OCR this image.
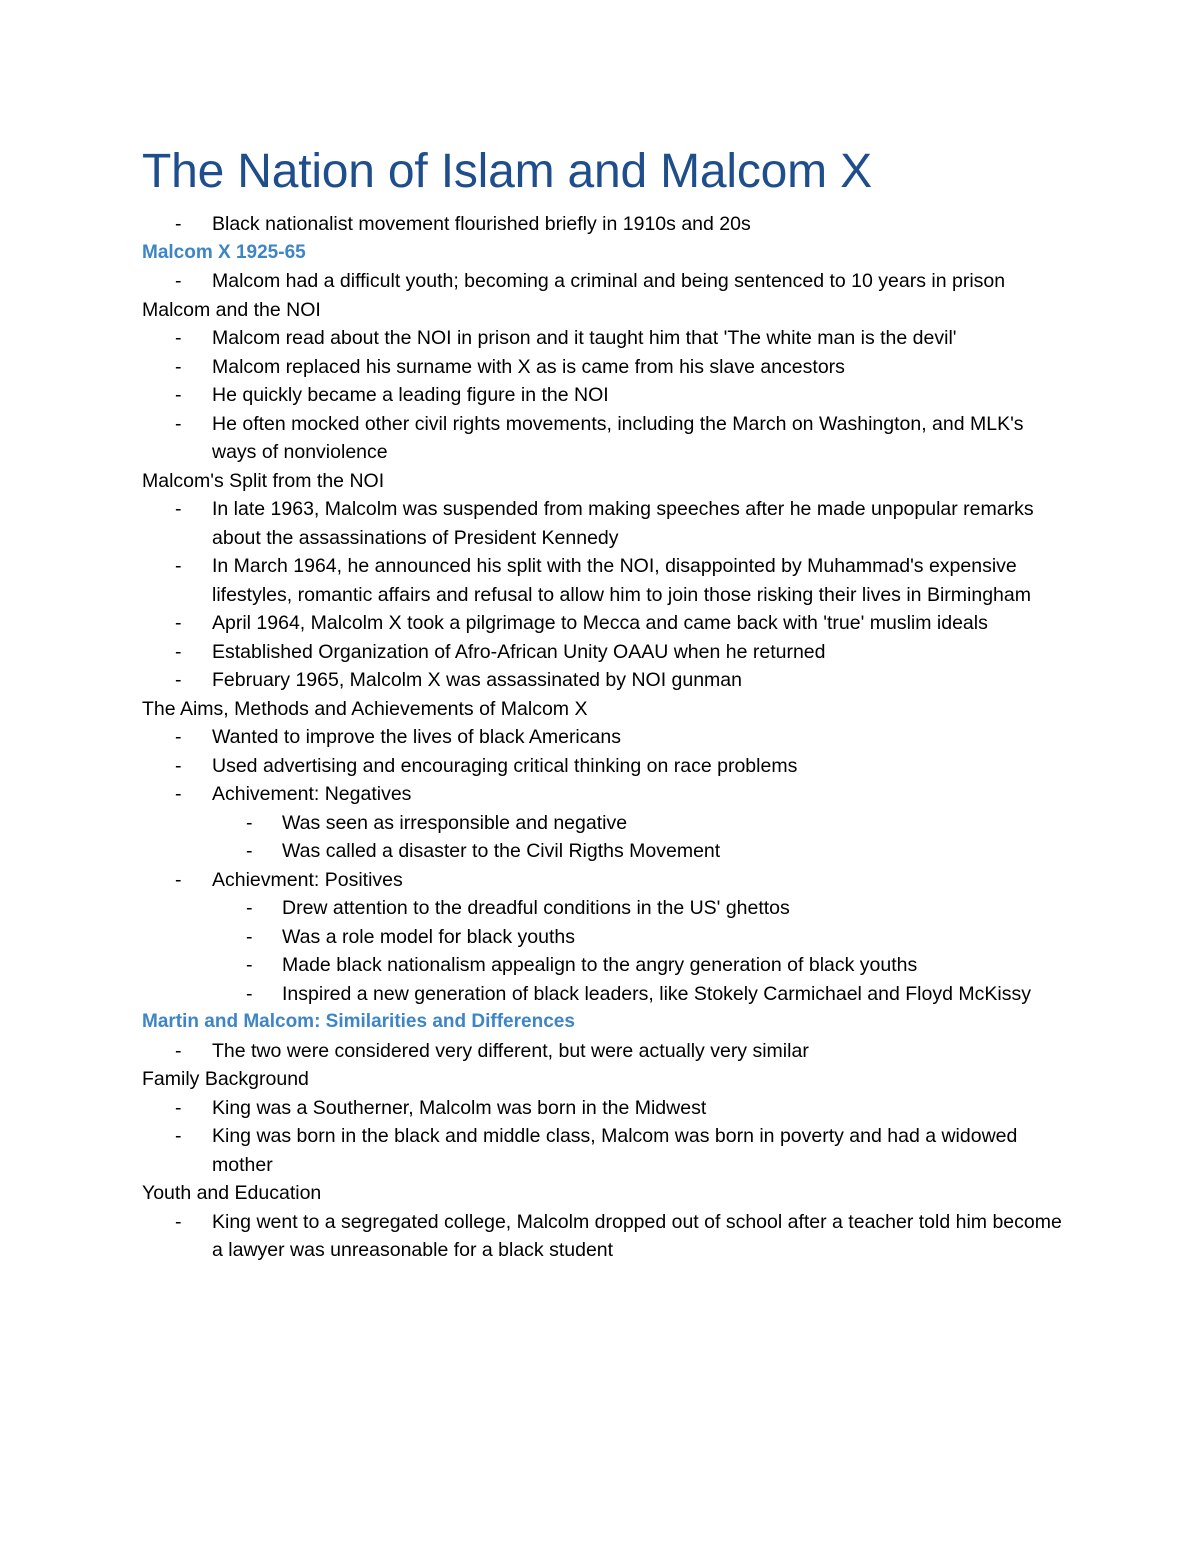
The Nation of Islam and Malcom X
- Black nationalist movement flourished briefly in 1910s and 20s
Malcom X 1925-65
- Malcom had a difficult youth; becoming a criminal and being sentenced to 10 years in prison
Malcom and the NOI
- Malcom read about the NOI in prison and it taught him that 'The white man is the devil'
- Malcom replaced his surname with X as is came from his slave ancestors
- He quickly became a leading figure in the NOI
- He often mocked other civil rights movements, including the March on Washington, and MLK's ways of nonviolence
Malcom's Split from the NOI
- In late 1963, Malcolm was suspended from making speeches after he made unpopular remarks about the assassinations of President Kennedy
- In March 1964, he announced his split with the NOI, disappointed by Muhammad's expensive lifestyles, romantic affairs and refusal to allow him to join those risking their lives in Birmingham
- April 1964, Malcolm X took a pilgrimage to Mecca and came back with 'true' muslim ideals
- Established Organization of Afro-African Unity OAAU when he returned
- February 1965, Malcolm X was assassinated by NOI gunman
The Aims, Methods and Achievements of Malcom X
- Wanted to improve the lives of black Americans
- Used advertising and encouraging critical thinking on race problems
- Achivement: Negatives
- Was seen as irresponsible and negative
- Was called a disaster to the Civil Rigths Movement
- Achievment: Positives
- Drew attention to the dreadful conditions in the US' ghettos
- Was a role model for black youths
- Made black nationalism appealign to the angry generation of black youths
- Inspired a new generation of black leaders, like Stokely Carmichael and Floyd McKissy
Martin and Malcom: Similarities and Differences
- The two were considered very different, but were actually very similar
Family Background
- King was a Southerner, Malcolm was born in the Midwest
- King was born in the black and middle class, Malcom was born in poverty and had a widowed mother
Youth and Education
- King went to a segregated college, Malcolm dropped out of school after a teacher told him become a lawyer was unreasonable for a black student
